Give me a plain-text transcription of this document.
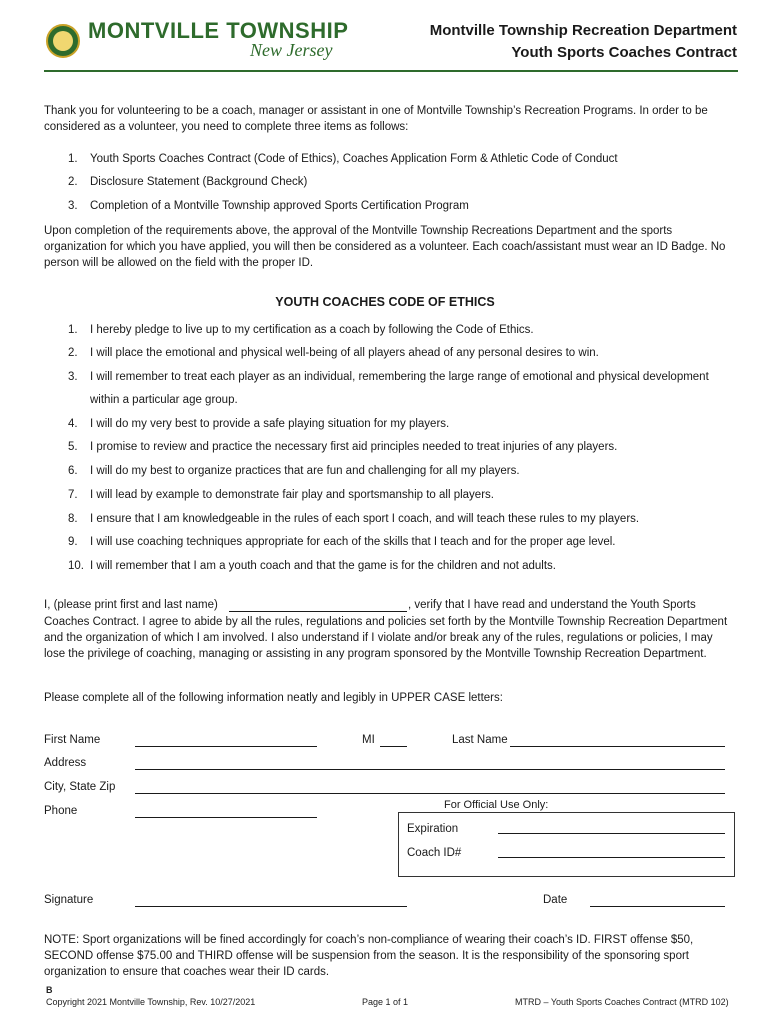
MONTVILLE TOWNSHIP
New Jersey
Montville Township Recreation Department
Youth Sports Coaches Contract
Thank you for volunteering to be a coach, manager or assistant in one of Montville Township’s Recreation Programs. In order to be considered as a volunteer, you need to complete three items as follows:
1. Youth Sports Coaches Contract (Code of Ethics), Coaches Application Form & Athletic Code of Conduct
2. Disclosure Statement (Background Check)
3. Completion of a Montville Township approved Sports Certification Program
Upon completion of the requirements above, the approval of the Montville Township Recreations Department and the sports organization for which you have applied, you will then be considered as a volunteer. Each coach/assistant must wear an ID Badge. No person will be allowed on the field with the proper ID.
YOUTH COACHES CODE OF ETHICS
1. I hereby pledge to live up to my certification as a coach by following the Code of Ethics.
2. I will place the emotional and physical well-being of all players ahead of any personal desires to win.
3. I will remember to treat each player as an individual, remembering the large range of emotional and physical development
within a particular age group.
4. I will do my very best to provide a safe playing situation for my players.
5. I promise to review and practice the necessary first aid principles needed to treat injuries of any players.
6. I will do my best to organize practices that are fun and challenging for all my players.
7. I will lead by example to demonstrate fair play and sportsmanship to all players.
8. I ensure that I am knowledgeable in the rules of each sport I coach, and will teach these rules to my players.
9. I will use coaching techniques appropriate for each of the skills that I teach and for the proper age level.
10. I will remember that I am a youth coach and that the game is for the children and not adults.
I, (please print first and last name)	, verify that I have read and understand the Youth Sports
Coaches Contract. I agree to abide by all the rules, regulations and policies set forth by the Montville Township Recreation Department and the organization of which I am involved. I also understand if I violate and/or break any of the rules, regulations or policies, I may lose the privilege of coaching, managing or assisting in any program sponsored by the Montville Township Recreation Department.
Please complete all of the following information neatly and legibly in UPPER CASE letters:
First Name	MI	Last Name
Address
City, State Zip
Phone	For Official Use Only:
Expiration
Coach ID#
Signature	Date
NOTE: Sport organizations will be fined accordingly for coach’s non-compliance of wearing their coach’s ID. FIRST offense $50, SECOND offense $75.00 and THIRD offense will be suspension from the season. It is the responsibility of the sponsoring sport organization to ensure that coaches wear their ID cards.
B
Copyright 2021 Montville Township, Rev. 10/27/2021	Page 1 of 1	MTRD – Youth Sports Coaches Contract (MTRD 102)
